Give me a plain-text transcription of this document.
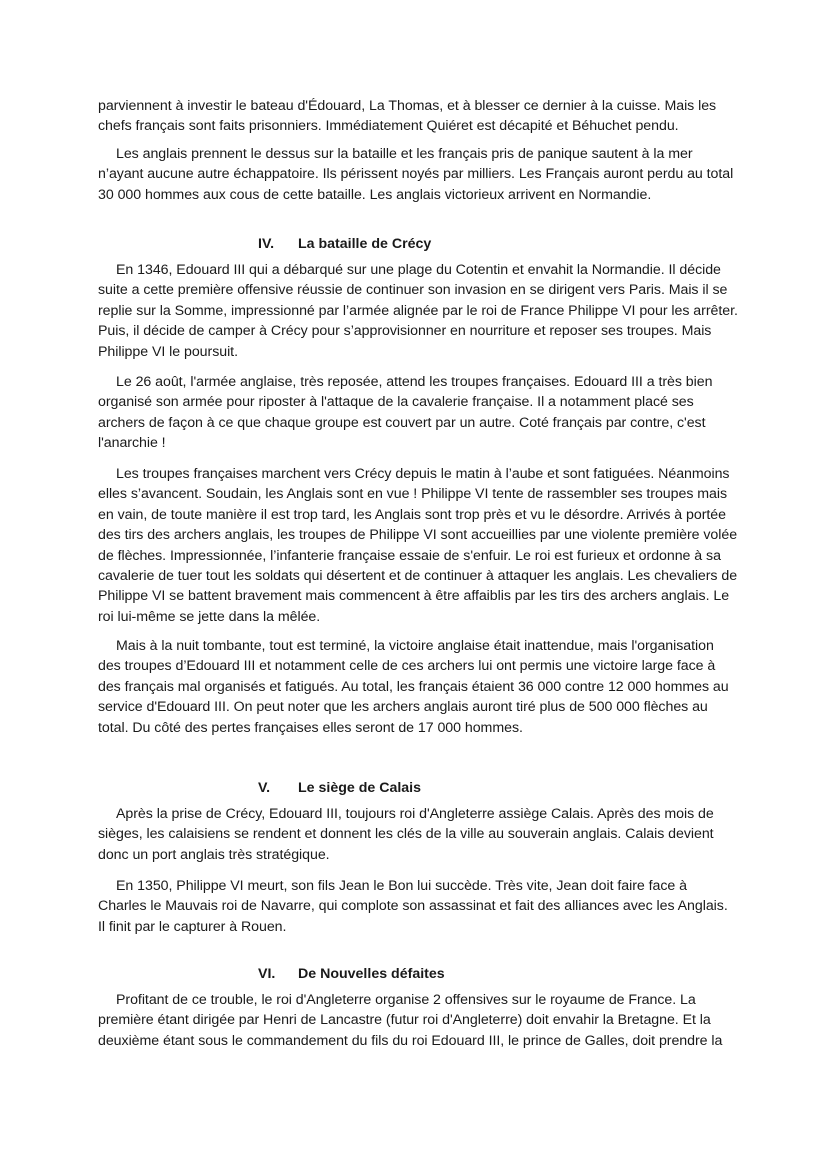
parviennent à investir le bateau d'Édouard, La Thomas, et à blesser ce dernier à la cuisse. Mais les chefs français sont faits prisonniers. Immédiatement Quiéret est décapité et Béhuchet pendu.

Les anglais prennent le dessus sur la bataille et les français pris de panique sautent à la mer n’ayant aucune autre échappatoire. Ils périssent noyés par milliers. Les Français auront perdu au total 30 000 hommes aux cous de cette bataille. Les anglais victorieux arrivent en Normandie.

IV. La bataille de Crécy

En 1346, Edouard III qui a débarqué sur une plage du Cotentin et envahit la Normandie. Il décide suite a cette première offensive réussie de continuer son invasion en se dirigent vers Paris. Mais il se replie sur la Somme, impressionné par l’armée alignée par le roi de France Philippe VI pour les arrêter. Puis, il décide de camper à Crécy pour s’approvisionner en nourriture et reposer ses troupes. Mais Philippe VI le poursuit.

Le 26 août, l'armée anglaise, très reposée, attend les troupes françaises. Edouard III a très bien organisé son armée pour riposter à l'attaque de la cavalerie française. Il a notamment placé ses archers de façon à ce que chaque groupe est couvert par un autre. Coté français par contre, c'est l'anarchie !

Les troupes françaises marchent vers Crécy depuis le matin à l’aube et sont fatiguées. Néanmoins elles s’avancent. Soudain, les Anglais sont en vue ! Philippe VI tente de rassembler ses troupes mais en vain, de toute manière il est trop tard, les Anglais sont trop près et vu le désordre. Arrivés à portée des tirs des archers anglais, les troupes de Philippe VI sont accueillies par une violente première volée de flèches. Impressionnée, l’infanterie française essaie de s'enfuir. Le roi est furieux et ordonne à sa cavalerie de tuer tout les soldats qui désertent et de continuer à attaquer les anglais. Les chevaliers de Philippe VI se battent bravement mais commencent à être affaiblis par les tirs des archers anglais. Le roi lui-même se jette dans la mêlée.

Mais à la nuit tombante, tout est terminé, la victoire anglaise était inattendue, mais l'organisation des troupes d’Edouard III et notamment celle de ces archers lui ont permis une victoire large face à des français mal organisés et fatigués. Au total, les français étaient 36 000 contre 12 000 hommes au service d'Edouard III. On peut noter que les archers anglais auront tiré plus de 500 000 flèches au total. Du côté des pertes françaises elles seront de 17 000 hommes.

V. Le siège de Calais

Après la prise de Crécy, Edouard III, toujours roi d'Angleterre assiège Calais. Après des mois de sièges, les calaisiens se rendent et donnent les clés de la ville au souverain anglais. Calais devient donc un port anglais très stratégique.

En 1350, Philippe VI meurt, son fils Jean le Bon lui succède. Très vite, Jean doit faire face à Charles le Mauvais roi de Navarre, qui complote son assassinat et fait des alliances avec les Anglais. Il finit par le capturer à Rouen.

VI. De Nouvelles défaites

Profitant de ce trouble, le roi d'Angleterre organise 2 offensives sur le royaume de France. La première étant dirigée par Henri de Lancastre (futur roi d'Angleterre) doit envahir la Bretagne. Et la deuxième étant sous le commandement du fils du roi Edouard III, le prince de Galles, doit prendre la
